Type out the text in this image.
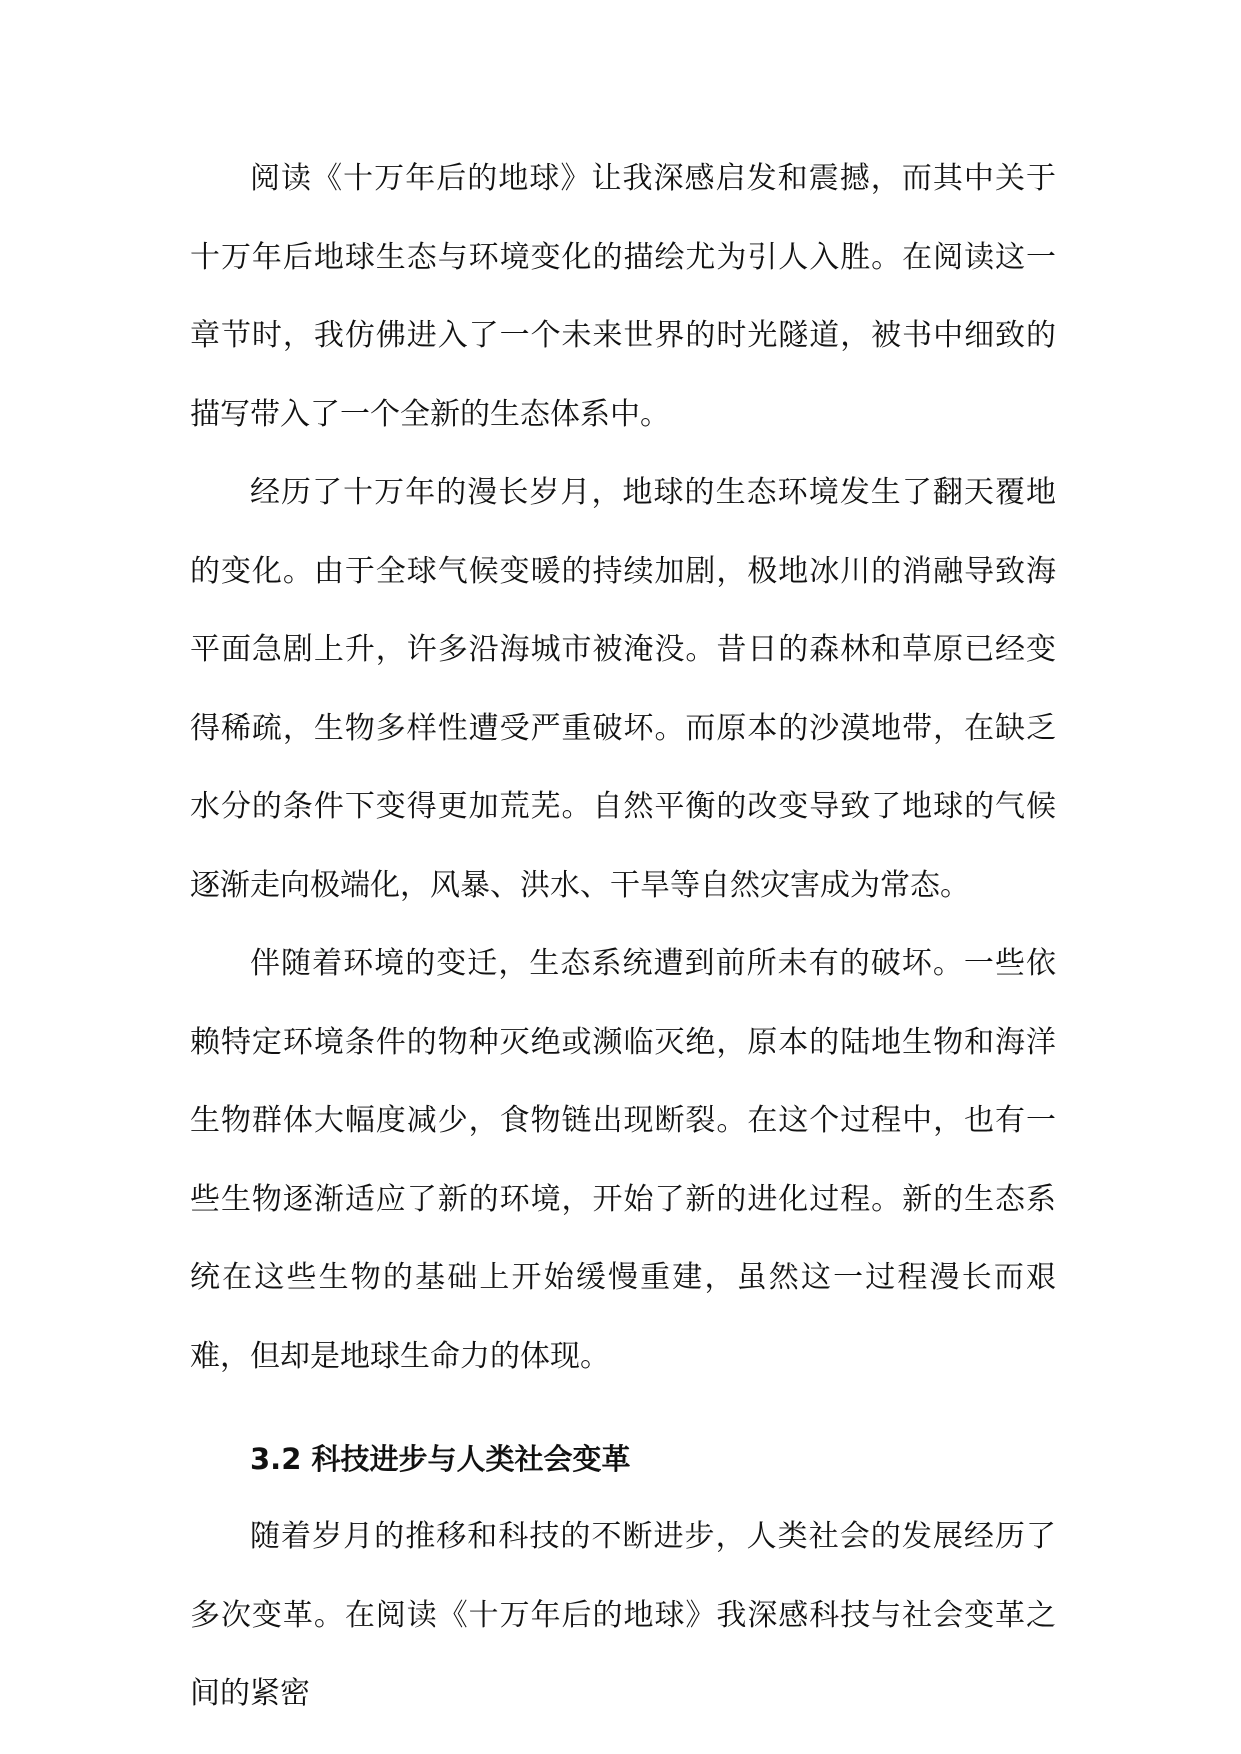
阅读《十万年后的地球》让我深感启发和震撼，而其中关于十万年后地球生态与环境变化的描绘尤为引人入胜。在阅读这一章节时，我仿佛进入了一个未来世界的时光隧道，被书中细致的描写带入了一个全新的生态体系中。

经历了十万年的漫长岁月，地球的生态环境发生了翻天覆地的变化。由于全球气候变暖的持续加剧，极地冰川的消融导致海平面急剧上升，许多沿海城市被淹没。昔日的森林和草原已经变得稀疏，生物多样性遭受严重破坏。而原本的沙漠地带，在缺乏水分的条件下变得更加荒芜。自然平衡的改变导致了地球的气候逐渐走向极端化，风暴、洪水、干旱等自然灾害成为常态。

伴随着环境的变迁，生态系统遭到前所未有的破坏。一些依赖特定环境条件的物种灭绝或濒临灭绝，原本的陆地生物和海洋生物群体大幅度减少，食物链出现断裂。在这个过程中，也有一些生物逐渐适应了新的环境，开始了新的进化过程。新的生态系统在这些生物的基础上开始缓慢重建，虽然这一过程漫长而艰难，但却是地球生命力的体现。

3.2 科技进步与人类社会变革

随着岁月的推移和科技的不断进步，人类社会的发展经历了多次变革。在阅读《十万年后的地球》我深感科技与社会变革之间的紧密
